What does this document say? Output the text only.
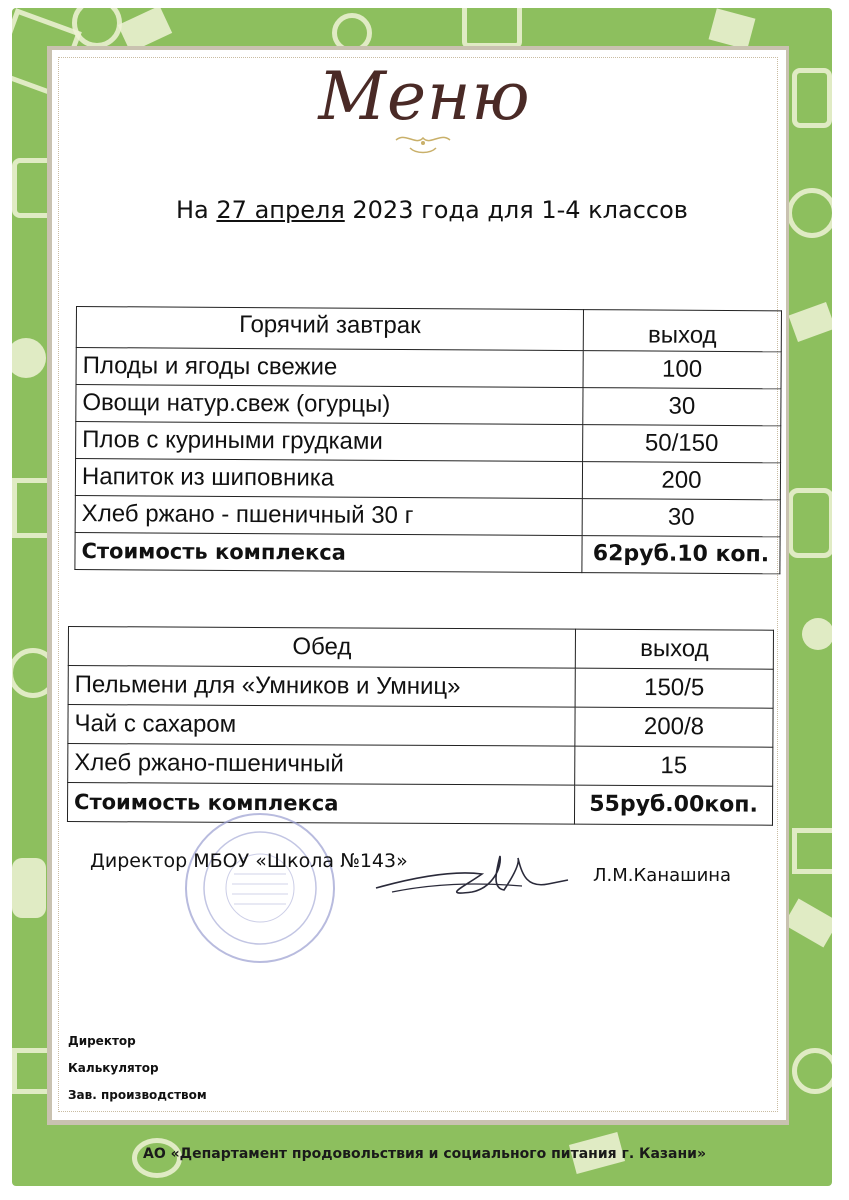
Меню
На 27 апреля 2023 года для 1-4 классов
Горячий завтрак	выход
Плоды и ягоды свежие	100
Овощи натур.свеж (огурцы)	30
Плов с куриными грудками	50/150
Напиток из шиповника	200
Хлеб ржано - пшеничный 30 г	30
Стоимость комплекса	62руб.10 коп.
Обед	выход
Пельмени для «Умников и Умниц»	150/5
Чай с сахаром	200/8
Хлеб ржано-пшеничный	15
Стоимость комплекса	55руб.00коп.
Директор МБОУ «Школа №143»
Л.М.Канашина
Директор
Калькулятор
Зав. производством
АО «Департамент продовольствия и социального питания г. Казани»
